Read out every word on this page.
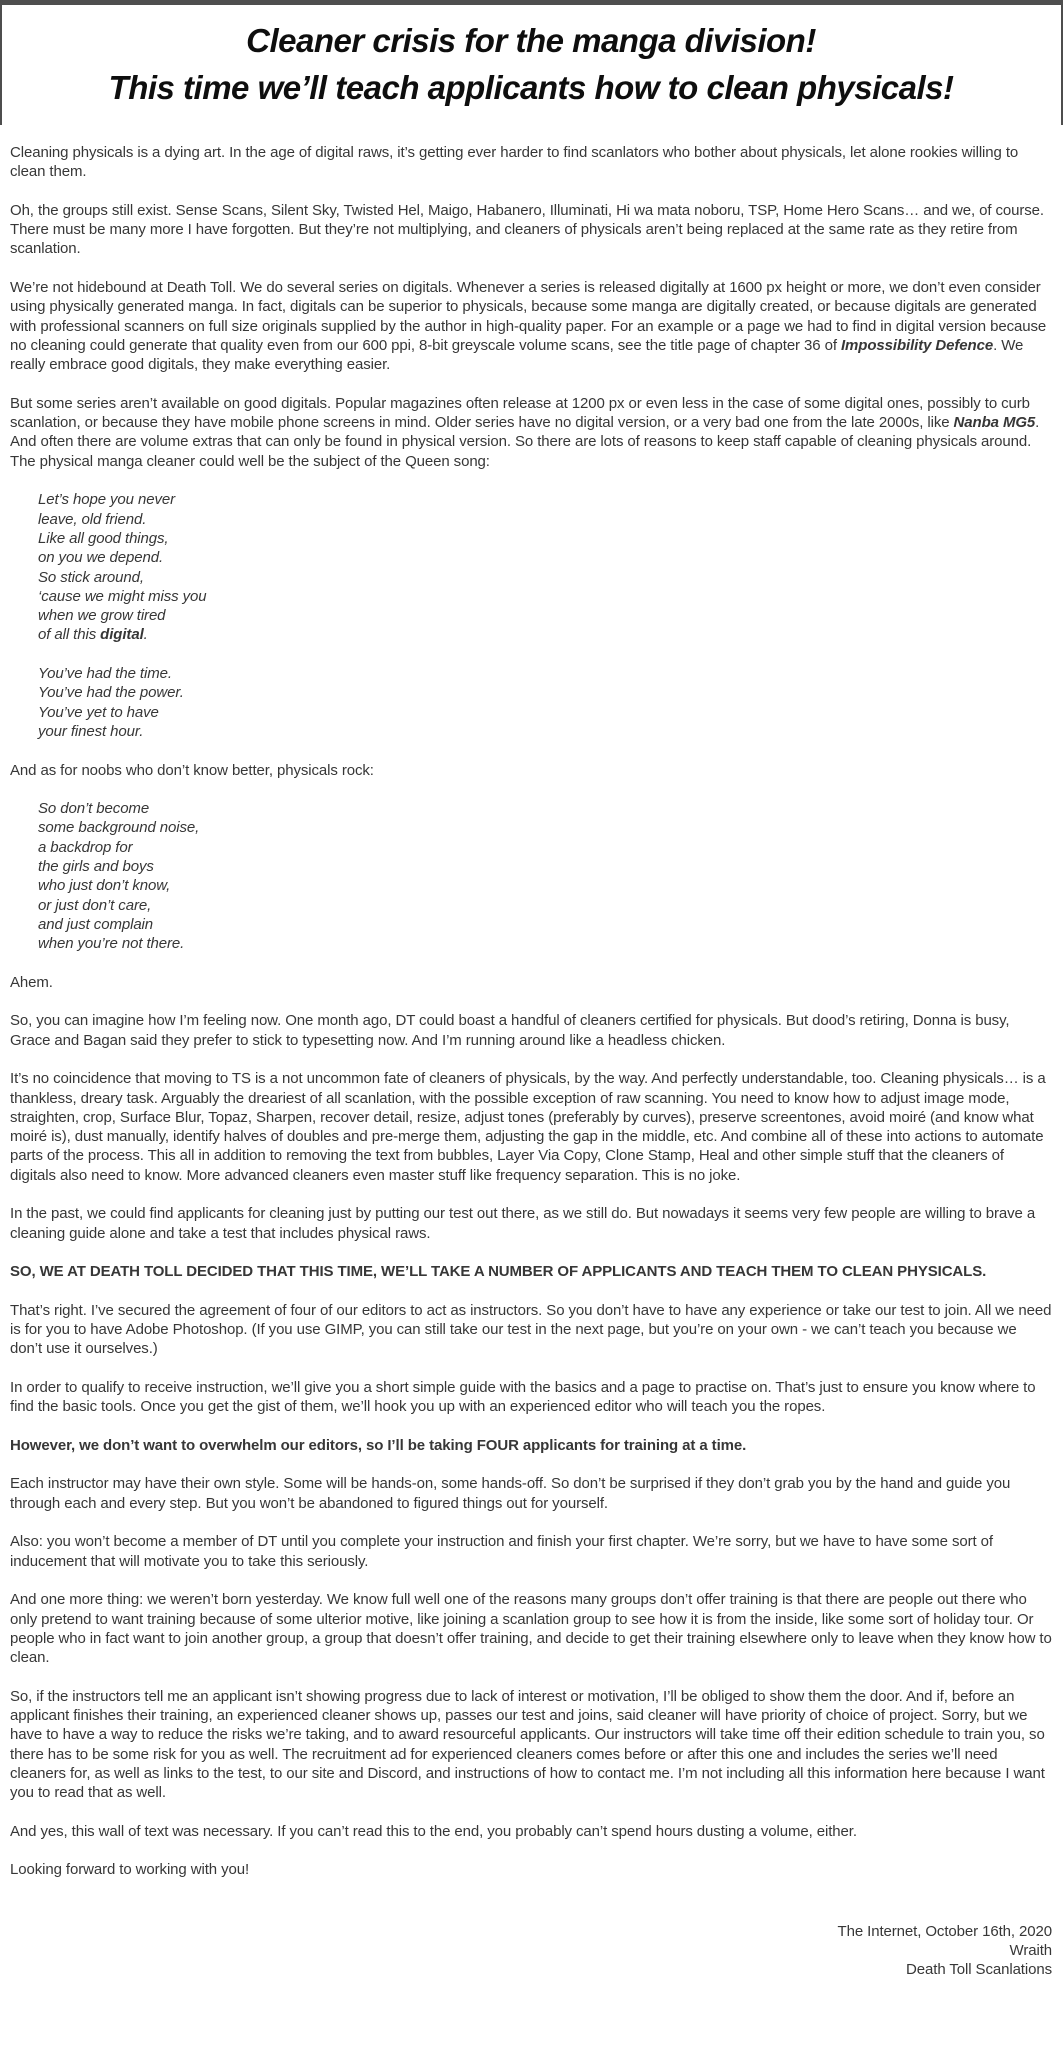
Cleaner crisis for the manga division!
This time we’ll teach applicants how to clean physicals!

Cleaning physicals is a dying art. In the age of digital raws, it’s getting ever harder to find scanlators who bother about physicals, let alone rookies willing to clean them.

Oh, the groups still exist. Sense Scans, Silent Sky, Twisted Hel, Maigo, Habanero, Illuminati, Hi wa mata noboru, TSP, Home Hero Scans… and we, of course. There must be many more I have forgotten. But they’re not multiplying, and cleaners of physicals aren’t being replaced at the same rate as they retire from scanlation.

We’re not hidebound at Death Toll. We do several series on digitals. Whenever a series is released digitally at 1600 px height or more, we don’t even consider using physically generated manga. In fact, digitals can be superior to physicals, because some manga are digitally created, or because digitals are generated with professional scanners on full size originals supplied by the author in high-quality paper. For an example or a page we had to find in digital version because no cleaning could generate that quality even from our 600 ppi, 8-bit greyscale volume scans, see the title page of chapter 36 of Impossibility Defence. We really embrace good digitals, they make everything easier.

But some series aren’t available on good digitals. Popular magazines often release at 1200 px or even less in the case of some digital ones, possibly to curb scanlation, or because they have mobile phone screens in mind. Older series have no digital version, or a very bad one from the late 2000s, like Nanba MG5. And often there are volume extras that can only be found in physical version. So there are lots of reasons to keep staff capable of cleaning physicals around. The physical manga cleaner could well be the subject of the Queen song:

Let’s hope you never
leave, old friend.
Like all good things,
on you we depend.
So stick around,
‘cause we might miss you
when we grow tired
of all this digital.
You’ve had the time.
You’ve had the power.
You’ve yet to have
your finest hour.

And as for noobs who don’t know better, physicals rock:

So don’t become
some background noise,
a backdrop for
the girls and boys
who just don’t know,
or just don’t care,
and just complain
when you’re not there.

Ahem.

So, you can imagine how I’m feeling now. One month ago, DT could boast a handful of cleaners certified for physicals. But dood’s retiring, Donna is busy, Grace and Bagan said they prefer to stick to typesetting now. And I’m running around like a headless chicken.

It’s no coincidence that moving to TS is a not uncommon fate of cleaners of physicals, by the way. And perfectly understandable, too. Cleaning physicals… is a thankless, dreary task. Arguably the dreariest of all scanlation, with the possible exception of raw scanning. You need to know how to adjust image mode, straighten, crop, Surface Blur, Topaz, Sharpen, recover detail, resize, adjust tones (preferably by curves), preserve screentones, avoid moiré (and know what moiré is), dust manually, identify halves of doubles and pre-merge them, adjusting the gap in the middle, etc. And combine all of these into actions to automate parts of the process. This all in addition to removing the text from bubbles, Layer Via Copy, Clone Stamp, Heal and other simple stuff that the cleaners of digitals also need to know. More advanced cleaners even master stuff like frequency separation. This is no joke.

In the past, we could find applicants for cleaning just by putting our test out there, as we still do. But nowadays it seems very few people are willing to brave a cleaning guide alone and take a test that includes physical raws.

SO, WE AT DEATH TOLL DECIDED THAT THIS TIME, WE’LL TAKE A NUMBER OF APPLICANTS AND TEACH THEM TO CLEAN PHYSICALS.

That’s right. I’ve secured the agreement of four of our editors to act as instructors. So you don’t have to have any experience or take our test to join. All we need is for you to have Adobe Photoshop. (If you use GIMP, you can still take our test in the next page, but you’re on your own - we can’t teach you because we don’t use it ourselves.)

In order to qualify to receive instruction, we’ll give you a short simple guide with the basics and a page to practise on. That’s just to ensure you know where to find the basic tools. Once you get the gist of them, we’ll hook you up with an experienced editor who will teach you the ropes.

However, we don’t want to overwhelm our editors, so I’ll be taking FOUR applicants for training at a time.

Each instructor may have their own style. Some will be hands-on, some hands-off. So don’t be surprised if they don’t grab you by the hand and guide you through each and every step. But you won’t be abandoned to figured things out for yourself.

Also: you won’t become a member of DT until you complete your instruction and finish your first chapter. We’re sorry, but we have to have some sort of inducement that will motivate you to take this seriously.

And one more thing: we weren’t born yesterday. We know full well one of the reasons many groups don’t offer training is that there are people out there who only pretend to want training because of some ulterior motive, like joining a scanlation group to see how it is from the inside, like some sort of holiday tour. Or people who in fact want to join another group, a group that doesn’t offer training, and decide to get their training elsewhere only to leave when they know how to clean.

So, if the instructors tell me an applicant isn’t showing progress due to lack of interest or motivation, I’ll be obliged to show them the door. And if, before an applicant finishes their training, an experienced cleaner shows up, passes our test and joins, said cleaner will have priority of choice of project. Sorry, but we have to have a way to reduce the risks we’re taking, and to award resourceful applicants. Our instructors will take time off their edition schedule to train you, so there has to be some risk for you as well. The recruitment ad for experienced cleaners comes before or after this one and includes the series we’ll need cleaners for, as well as links to the test, to our site and Discord, and instructions of how to contact me. I’m not including all this information here because I want you to read that as well.

And yes, this wall of text was necessary. If you can’t read this to the end, you probably can’t spend hours dusting a volume, either.

Looking forward to working with you!

The Internet, October 16th, 2020
Wraith
Death Toll Scanlations
